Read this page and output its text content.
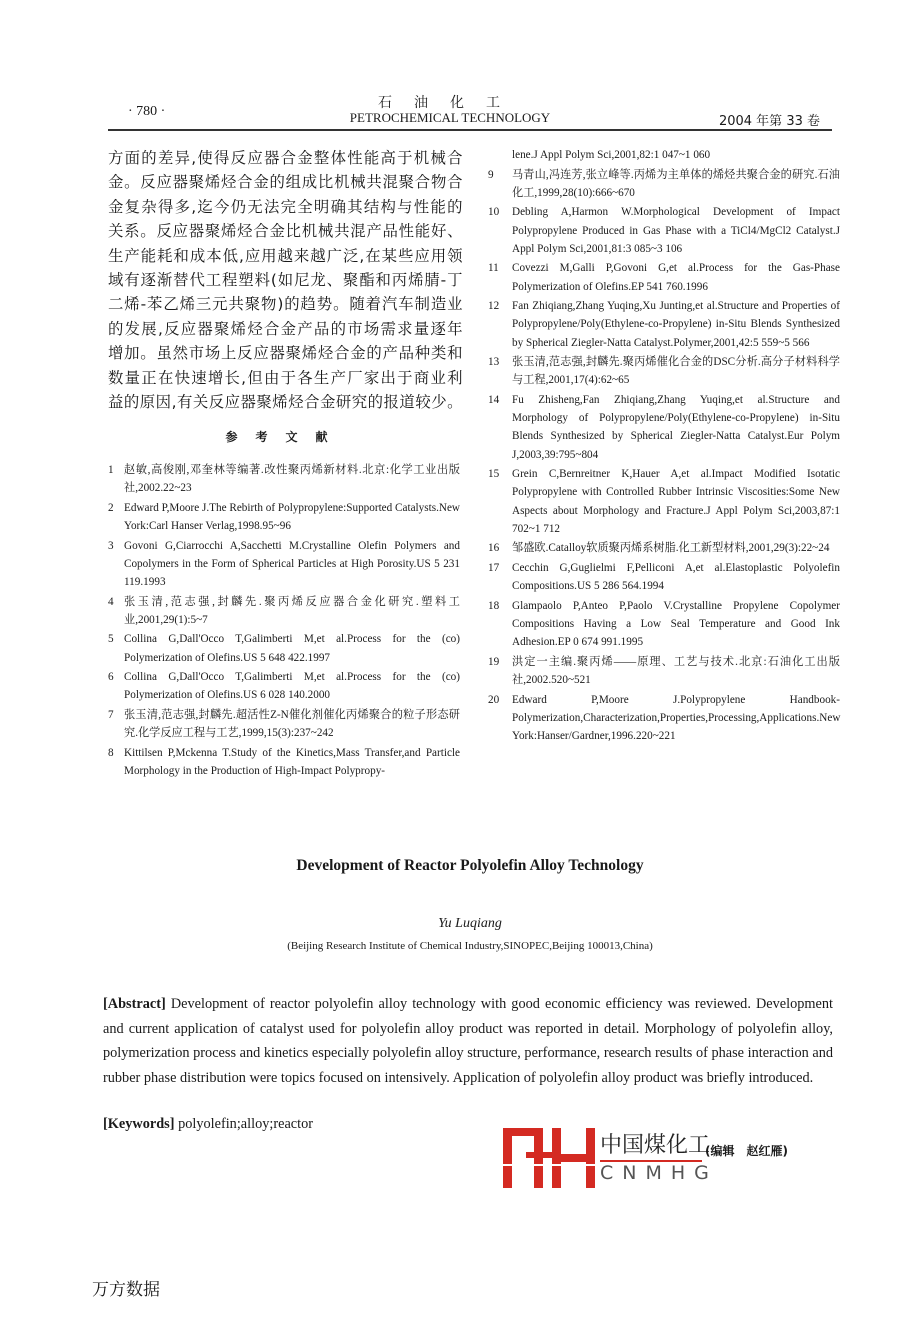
· 780 ·
石油化工
PETROCHEMICAL TECHNOLOGY	2004 年第 33 卷
方面的差异,使得反应器合金整体性能高于机械合
金。反应器聚烯烃合金的组成比机械共混聚合物合
金复杂得多,迄今仍无法完全明确其结构与性能的
关系。反应器聚烯烃合金比机械共混产品性能好、
生产能耗和成本低,应用越来越广泛,在某些应用领
域有逐渐替代工程塑料(如尼龙、聚酯和丙烯腈-丁
二烯-苯乙烯三元共聚物)的趋势。随着汽车制造业
的发展,反应器聚烯烃合金产品的市场需求量逐年
增加。虽然市场上反应器聚烯烃合金的产品种类和
数量正在快速增长,但由于各生产厂家出于商业利
益的原因,有关反应器聚烯烃合金研究的报道较少。
参考文献
1 赵敏,高俊刚,邓奎林等编著.改性聚丙烯新材料.北京:化学工业出版社,2002.22~23
2 Edward P,Moore J.The Rebirth of Polypropylene:Supported Catalysts.New York:Carl Hanser Verlag,1998.95~96
3 Govoni G,Ciarrocchi A,Sacchetti M.Crystalline Olefin Polymers and Copolymers in the Form of Spherical Particles at High Porosity.US 5 231 119.1993
4 张玉清,范志强,封麟先.聚丙烯反应器合金化研究.塑料工业,2001,29(1):5~7
5 Collina G,Dall'Occo T,Galimberti M,et al.Process for the (co) Polymerization of Olefins.US 5 648 422.1997
6 Collina G,Dall'Occo T,Galimberti M,et al.Process for the (co) Polymerization of Olefins.US 6 028 140.2000
7 张玉清,范志强,封麟先.超活性Z-N催化剂催化丙烯聚合的粒子形态研究.化学反应工程与工艺,1999,15(3):237~242
8 Kittilsen P,Mckenna T.Study of the Kinetics,Mass Transfer,and Particle Morphology in the Production of High-Impact Polypropy-
lene.J Appl Polym Sci,2001,82:1 047~1 060
9 马青山,冯连芳,张立峰等.丙烯为主单体的烯烃共聚合金的研究.石油化工,1999,28(10):666~670
10 Debling A,Harmon W.Morphological Development of Impact Polypropylene Produced in Gas Phase with a TiCl4/MgCl2 Catalyst.J Appl Polym Sci,2001,81:3 085~3 106
11 Covezzi M,Galli P,Govoni G,et al.Process for the Gas-Phase Polymerization of Olefins.EP 541 760.1996
12 Fan Zhiqiang,Zhang Yuqing,Xu Junting,et al.Structure and Properties of Polypropylene/Poly(Ethylene-co-Propylene) in-Situ Blends Synthesized by Spherical Ziegler-Natta Catalyst.Polymer,2001,42:5 559~5 566
13 张玉清,范志强,封麟先.聚丙烯催化合金的DSC分析.高分子材料科学与工程,2001,17(4):62~65
14 Fu Zhisheng,Fan Zhiqiang,Zhang Yuqing,et al.Structure and Morphology of Polypropylene/Poly(Ethylene-co-Propylene) in-Situ Blends Synthesized by Spherical Ziegler-Natta Catalyst.Eur Polym J,2003,39:795~804
15 Grein C,Bernreitner K,Hauer A,et al.Impact Modified Isotatic Polypropylene with Controlled Rubber Intrinsic Viscosities:Some New Aspects about Morphology and Fracture.J Appl Polym Sci,2003,87:1 702~1 712
16 邹盛欧.Catalloy软质聚丙烯系树脂.化工新型材料,2001,29(3):22~24
17 Cecchin G,Guglielmi F,Pelliconi A,et al.Elastoplastic Polyolefin Compositions.US 5 286 564.1994
18 Glampaolo P,Anteo P,Paolo V.Crystalline Propylene Copolymer Compositions Having a Low Seal Temperature and Good Ink Adhesion.EP 0 674 991.1995
19 洪定一主编.聚丙烯——原理、工艺与技术.北京:石油化工出版社,2002.520~521
20 Edward P,Moore J.Polypropylene Handbook-Polymerization,Characterization,Properties,Processing,Applications.New York:Hanser/Gardner,1996.220~221
Development of Reactor Polyolefin Alloy Technology
Yu Luqiang
(Beijing Research Institute of Chemical Industry,SINOPEC,Beijing 100013,China)
[Abstract] Development of reactor polyolefin alloy technology with good economic efficiency was reviewed. Development and current application of catalyst used for polyolefin alloy product was reported in detail. Morphology of polyolefin alloy, polymerization process and kinetics especially polyolefin alloy structure, performance, research results of phase interaction and rubber phase distribution were topics focused on intensively. Application of polyolefin alloy product was briefly introduced.
[Keywords] polyolefin;alloy;reactor
中国煤化工
CNMHG
(编辑　赵红雁)
万方数据
